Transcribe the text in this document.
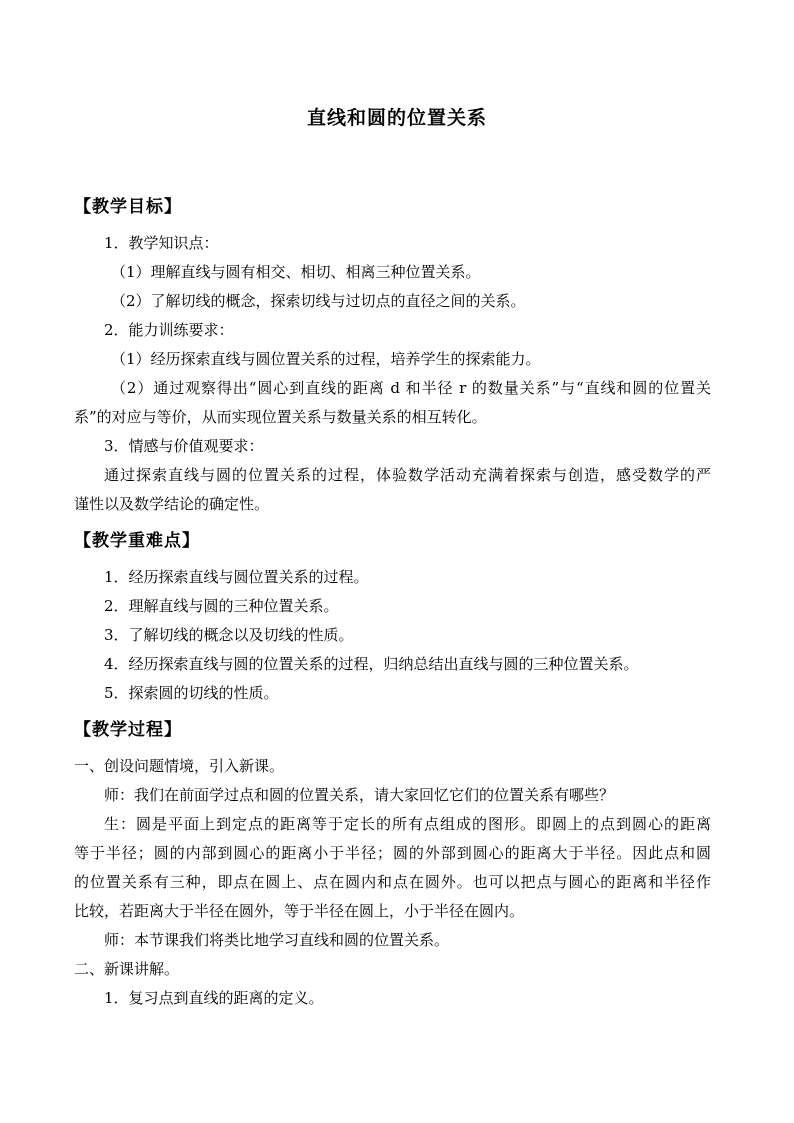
直线和圆的位置关系
【教学目标】
1．教学知识点：
（1）理解直线与圆有相交、相切、相离三种位置关系。
（2）了解切线的概念，探索切线与过切点的直径之间的关系。
2．能力训练要求：
（1）经历探索直线与圆位置关系的过程，培养学生的探索能力。
（2）通过观察得出“圆心到直线的距离 d 和半径 r 的数量关系”与“直线和圆的位置关
系”的对应与等价，从而实现位置关系与数量关系的相互转化。
3．情感与价值观要求：
通过探索直线与圆的位置关系的过程，体验数学活动充满着探索与创造，感受数学的严
谨性以及数学结论的确定性。
【教学重难点】
1．经历探索直线与圆位置关系的过程。
2．理解直线与圆的三种位置关系。
3．了解切线的概念以及切线的性质。
4．经历探索直线与圆的位置关系的过程，归纳总结出直线与圆的三种位置关系。
5．探索圆的切线的性质。
【教学过程】
一、创设问题情境，引入新课。
师：我们在前面学过点和圆的位置关系，请大家回忆它们的位置关系有哪些？
生：圆是平面上到定点的距离等于定长的所有点组成的图形。即圆上的点到圆心的距离
等于半径；圆的内部到圆心的距离小于半径；圆的外部到圆心的距离大于半径。因此点和圆
的位置关系有三种，即点在圆上、点在圆内和点在圆外。也可以把点与圆心的距离和半径作
比较，若距离大于半径在圆外，等于半径在圆上，小于半径在圆内。
师：本节课我们将类比地学习直线和圆的位置关系。
二、新课讲解。
1．复习点到直线的距离的定义。
